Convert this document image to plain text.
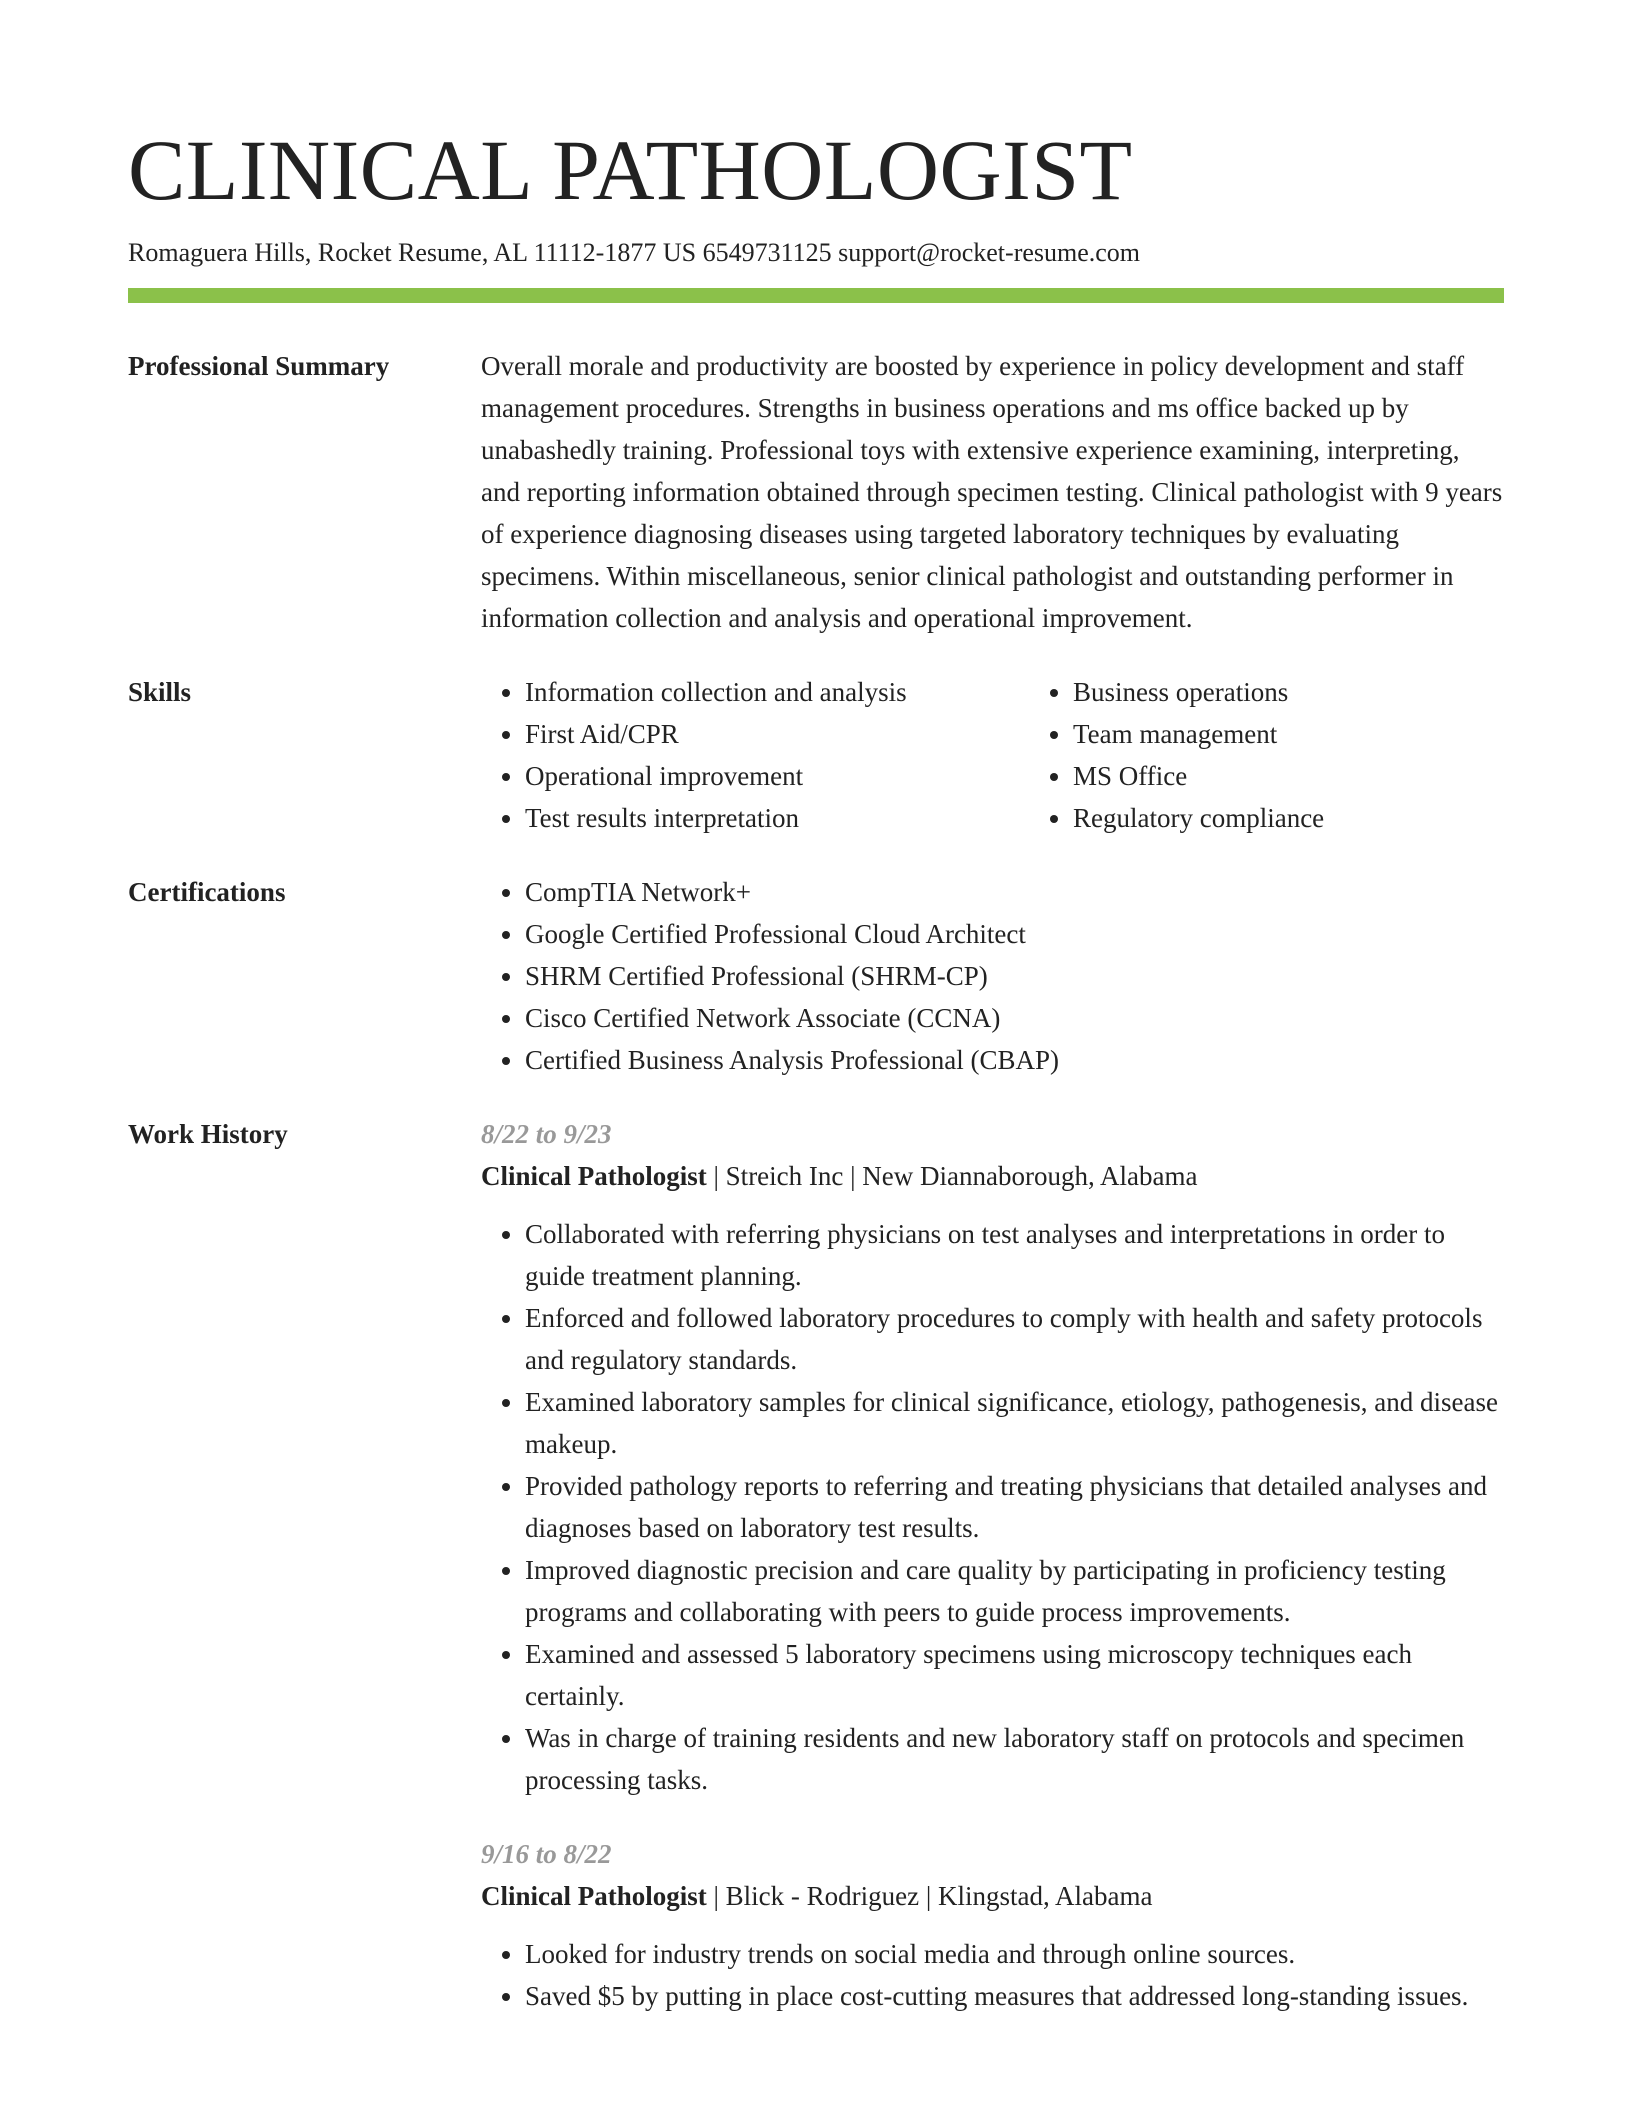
CLINICAL PATHOLOGIST
Romaguera Hills, Rocket Resume, AL 11112-1877 US 6549731125 support@rocket-resume.com
Professional Summary	Overall morale and productivity are boosted by experience in policy development and staff management procedures. Strengths in business operations and ms office backed up by unabashedly training. Professional toys with extensive experience examining, interpreting, and reporting information obtained through specimen testing. Clinical pathologist with 9 years of experience diagnosing diseases using targeted laboratory techniques by evaluating specimens. Within miscellaneous, senior clinical pathologist and outstanding performer in information collection and analysis and operational improvement.

Skills	• Information collection and analysis
• First Aid/CPR
• Operational improvement
• Test results interpretation
• Business operations
• Team management
• MS Office
• Regulatory compliance
Certifications	• CompTIA Network+
• Google Certified Professional Cloud Architect
• SHRM Certified Professional (SHRM-CP)
• Cisco Certified Network Associate (CCNA)
• Certified Business Analysis Professional (CBAP)
Work History	8/22 to 9/23
Clinical Pathologist | Streich Inc | New Diannaborough, Alabama
• Collaborated with referring physicians on test analyses and interpretations in order to guide treatment planning.
• Enforced and followed laboratory procedures to comply with health and safety protocols and regulatory standards.
• Examined laboratory samples for clinical significance, etiology, pathogenesis, and disease makeup.
• Provided pathology reports to referring and treating physicians that detailed analyses and diagnoses based on laboratory test results.
• Improved diagnostic precision and care quality by participating in proficiency testing programs and collaborating with peers to guide process improvements.
• Examined and assessed 5 laboratory specimens using microscopy techniques each certainly.
• Was in charge of training residents and new laboratory staff on protocols and specimen processing tasks.
9/16 to 8/22
Clinical Pathologist | Blick - Rodriguez | Klingstad, Alabama
• Looked for industry trends on social media and through online sources.
• Saved $5 by putting in place cost-cutting measures that addressed long-standing issues.
